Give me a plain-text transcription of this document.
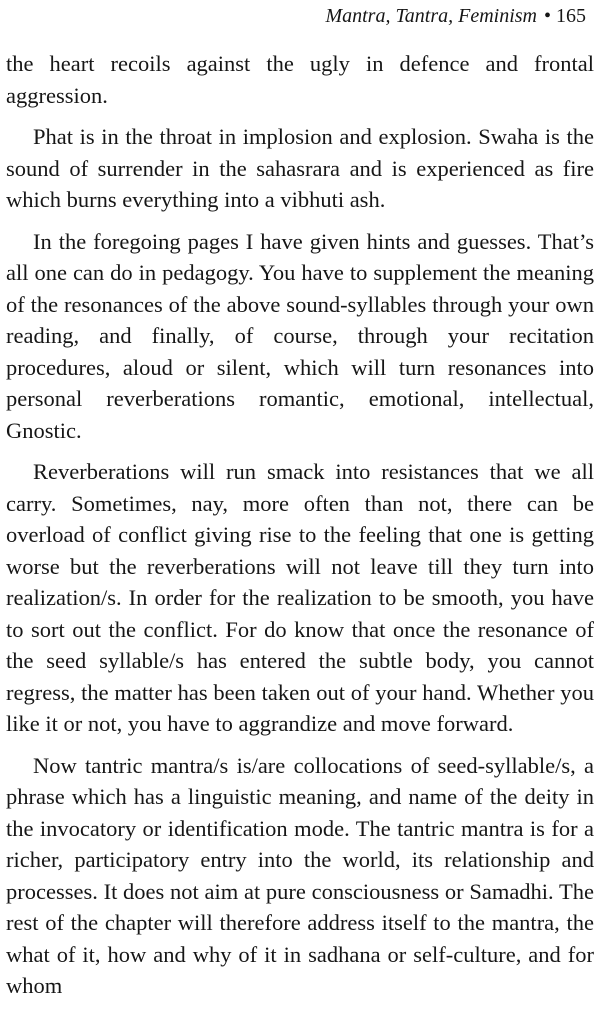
Mantra, Tantra, Feminism • 165

the heart recoils against the ugly in defence and frontal aggression.

Phat is in the throat in implosion and explosion. Swaha is the sound of surrender in the sahasrara and is experienced as fire which burns everything into a vibhuti ash.

In the foregoing pages I have given hints and guesses. That’s all one can do in pedagogy. You have to supplement the meaning of the resonances of the above sound-syllables through your own reading, and finally, of course, through your recitation procedures, aloud or silent, which will turn resonances into personal reverberations romantic, emotional, intellectual, Gnostic.

Reverberations will run smack into resistances that we all carry. Sometimes, nay, more often than not, there can be overload of conflict giving rise to the feeling that one is getting worse but the reverberations will not leave till they turn into realization/s. In order for the realization to be smooth, you have to sort out the conflict. For do know that once the resonance of the seed syllable/s has entered the subtle body, you cannot regress, the matter has been taken out of your hand. Whether you like it or not, you have to aggrandize and move forward.

Now tantric mantra/s is/are collocations of seed-syllable/s, a phrase which has a linguistic meaning, and name of the deity in the invocatory or identification mode. The tantric mantra is for a richer, participatory entry into the world, its relationship and processes. It does not aim at pure consciousness or Samadhi. The rest of the chapter will therefore address itself to the mantra, the what of it, how and why of it in sadhana or self-culture, and for whom
